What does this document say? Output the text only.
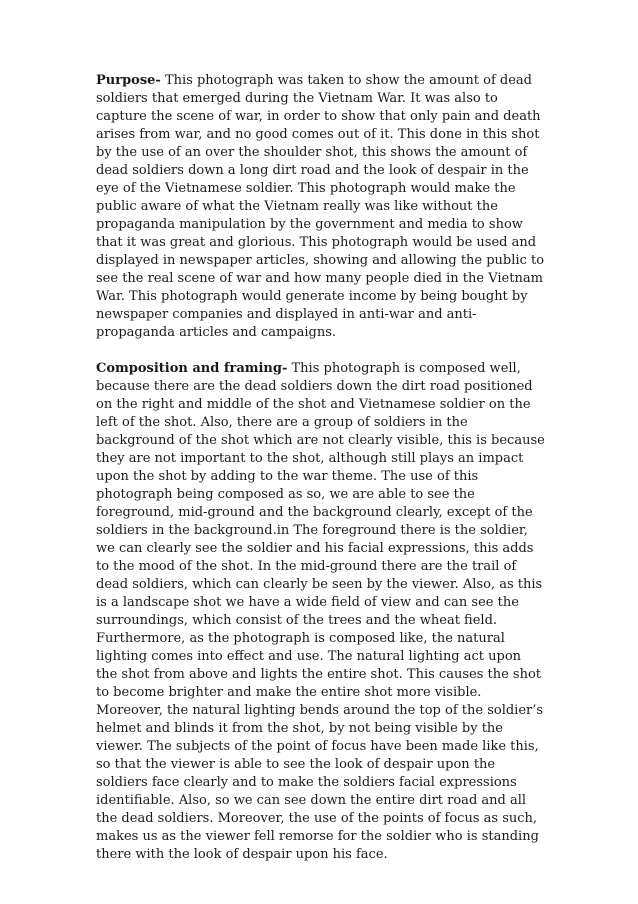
Purpose- This photograph was taken to show the amount of dead soldiers that emerged during the Vietnam War. It was also to capture the scene of war, in order to show that only pain and death arises from war, and no good comes out of it. This done in this shot by the use of an over the shoulder shot, this shows the amount of dead soldiers down a long dirt road and the look of despair in the eye of the Vietnamese soldier. This photograph would make the public aware of what the Vietnam really was like without the propaganda manipulation by the government and media to show that it was great and glorious. This photograph would be used and displayed in newspaper articles, showing and allowing the public to see the real scene of war and how many people died in the Vietnam War. This photograph would generate income by being bought by newspaper companies and displayed in anti-war and anti-propaganda articles and campaigns.

Composition and framing- This photograph is composed well, because there are the dead soldiers down the dirt road positioned on the right and middle of the shot and Vietnamese soldier on the left of the shot. Also, there are a group of soldiers in the background of the shot which are not clearly visible, this is because they are not important to the shot, although still plays an impact upon the shot by adding to the war theme. The use of this photograph being composed as so, we are able to see the foreground, mid-ground and the background clearly, except of the soldiers in the background.in The foreground there is the soldier, we can clearly see the soldier and his facial expressions, this adds to the mood of the shot. In the mid-ground there are the trail of dead soldiers, which can clearly be seen by the viewer. Also, as this is a landscape shot we have a wide field of view and can see the surroundings, which consist of the trees and the wheat field. Furthermore, as the photograph is composed like, the natural lighting comes into effect and use. The natural lighting act upon the shot from above and lights the entire shot. This causes the shot to become brighter and make the entire shot more visible. Moreover, the natural lighting bends around the top of the soldier’s helmet and blinds it from the shot, by not being visible by the viewer. The subjects of the point of focus have been made like this, so that the viewer is able to see the look of despair upon the soldiers face clearly and to make the soldiers facial expressions identifiable. Also, so we can see down the entire dirt road and all the dead soldiers. Moreover, the use of the points of focus as such, makes us as the viewer fell remorse for the soldier who is standing there with the look of despair upon his face.
